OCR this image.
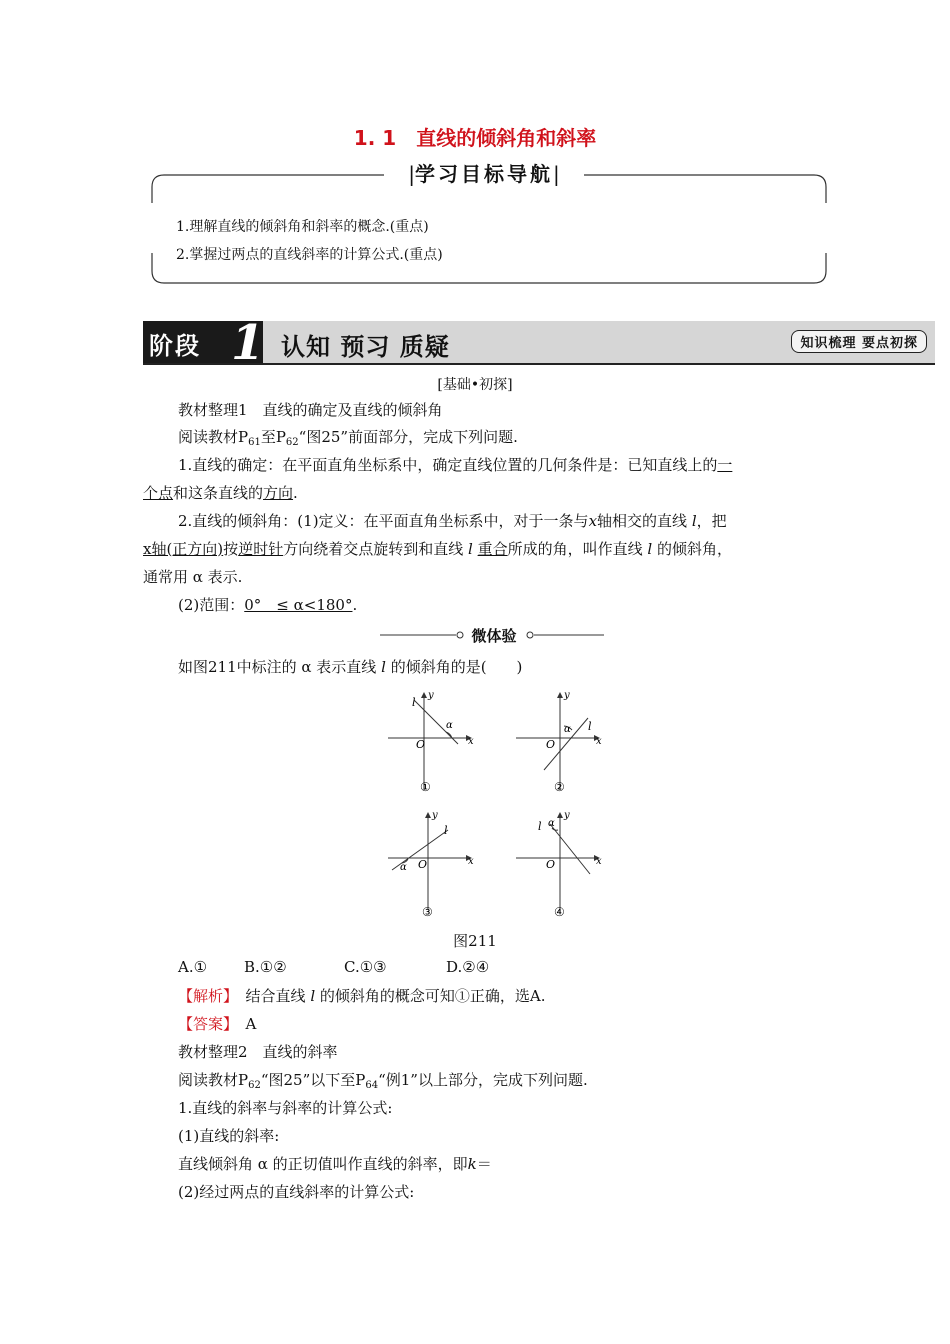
1. 1　直线的倾斜角和斜率
|学习目标导航|
1.理解直线的倾斜角和斜率的概念.(重点)
2.掌握过两点的直线斜率的计算公式.(重点)
阶段 1 认知 预习 质疑	知识梳理 要点初探
[基础•初探]
教材整理1　直线的确定及直线的倾斜角
阅读教材$P_{61}$至$P_{62}“$图25”前面部分，完成下列问题.
1.直线的确定：在平面直角坐标系中，确定直线位置的几何条件是：已知直线上的一
个点和这条直线的方向.
2.直线的倾斜角：(1)定义：在平面直角坐标系中，对于一条与x轴相交的直线 l，把
x轴(正方向)按逆时针方向绕着交点旋转到和直线 l 重合所成的角，叫作直线 l 的倾斜角，
通常用 α 表示.
(2)范围：0°　≤ α<180°.
微体验
如图211中标注的 α 表示直线 l 的倾斜角的是(　　)
l
y
x
O
α
①
l
y
x
O
α
②
l
y
x
O
α
③
l
y
x
O
α
④
图211
A.① B.①②	C.①③	D.②④
【解析】　 结合直线 l 的倾斜角的概念可知①正确，选A.
【答案】　 A
教材整理2　直线的斜率
阅读教材$P_{62}“$图25”以下至$P_{64}“$例1”以上部分，完成下列问题.
1.直线的斜率与斜率的计算公式:
(1)直线的斜率:
直线倾斜角 α 的正切值叫作直线的斜率，即k＝
(2)经过两点的直线斜率的计算公式:
